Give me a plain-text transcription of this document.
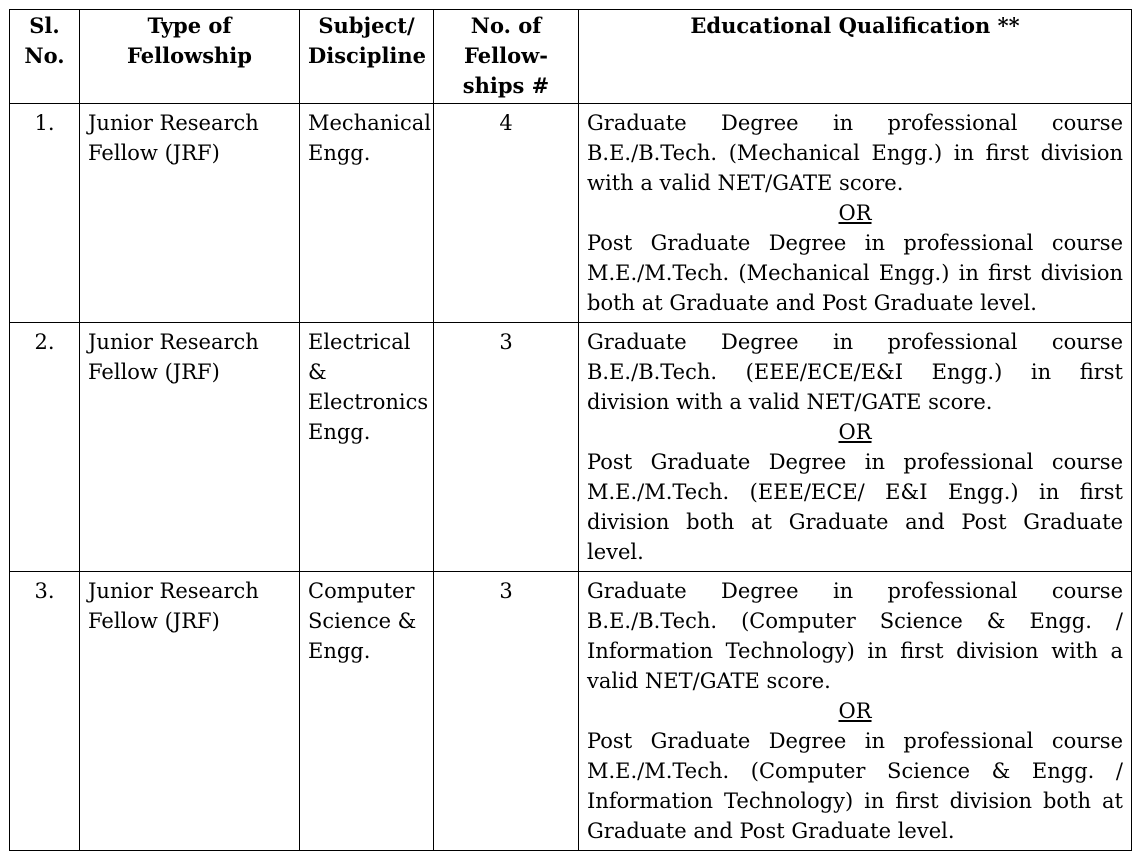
Sl. No.	Type of Fellowship	Subject/ Discipline	No. of Fellow-ships #	Educational Qualification **
1.	Junior Research Fellow (JRF)	Mechanical Engg.	4	Graduate Degree in professional course B.E./B.Tech. (Mechanical Engg.) in first division with a valid NET/GATE score.
OR
Post Graduate Degree in professional course M.E./M.Tech. (Mechanical Engg.) in first division both at Graduate and Post Graduate level.

2.	Junior Research Fellow (JRF)	Electrical & Electronics Engg.	3	Graduate Degree in professional course B.E./B.Tech. (EEE/ECE/E&I Engg.) in first division with a valid NET/GATE score.
OR
Post Graduate Degree in professional course M.E./M.Tech. (EEE/ECE/ E&I Engg.) in first division both at Graduate and Post Graduate level.

3.	Junior Research Fellow (JRF)	Computer Science & Engg.	3	Graduate Degree in professional course B.E./B.Tech. (Computer Science & Engg. / Information Technology) in first division with a valid NET/GATE score.
OR
Post Graduate Degree in professional course M.E./M.Tech. (Computer Science & Engg. / Information Technology) in first division both at Graduate and Post Graduate level.
